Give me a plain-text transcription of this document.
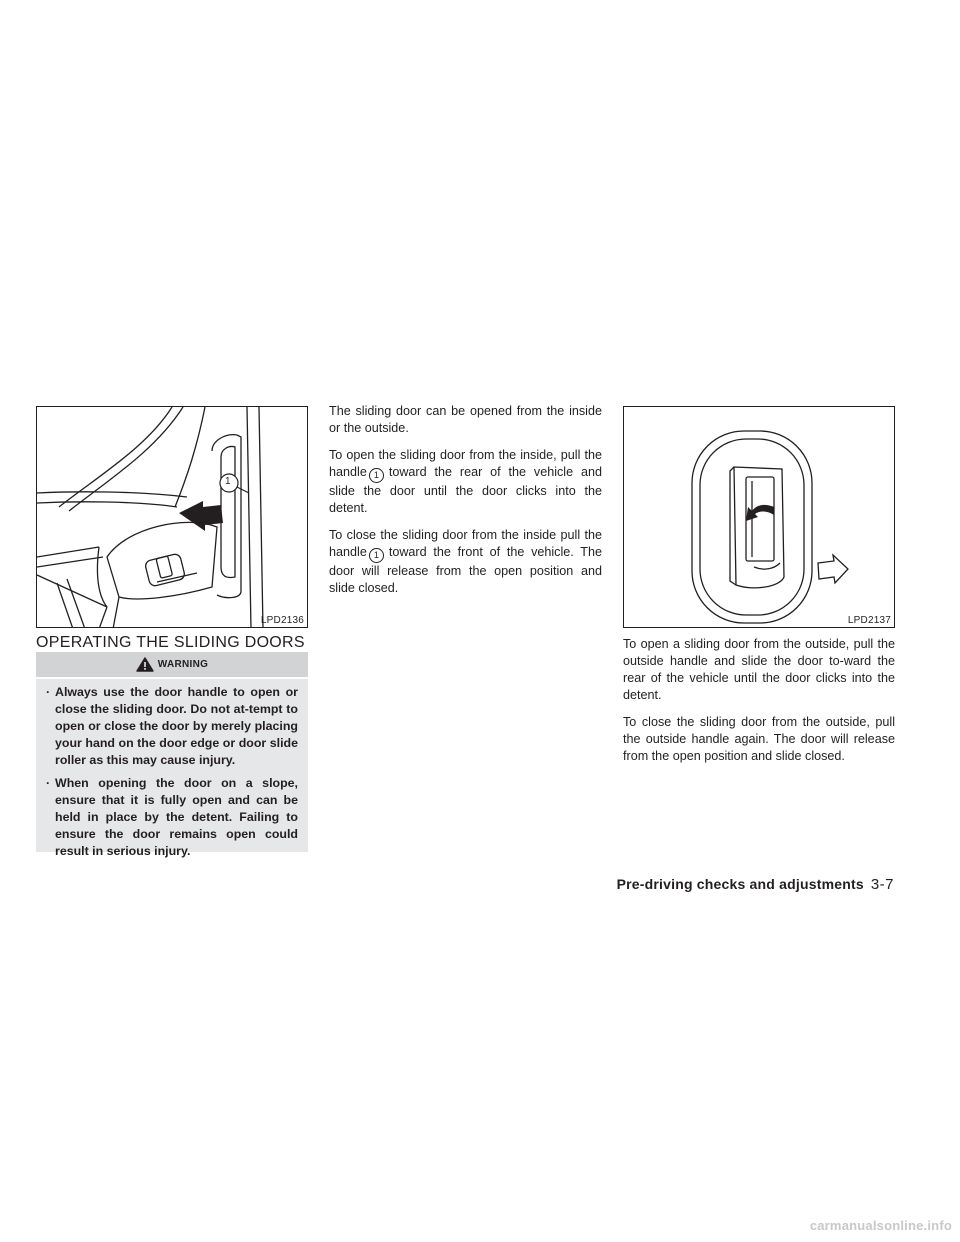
1
LPD2136	LPD2137
OPERATING THE SLIDING DOORS
WARNING
· Always use the door handle to open or close the sliding door. Do not at-tempt to open or close the door by merely placing your hand on the door edge or door slide roller as this may cause injury.
· When opening the door on a slope, ensure that it is fully open and can be held in place by the detent. Failing to ensure the door remains open could result in serious injury.

The sliding door can be opened from the inside or the outside.

To open the sliding door from the inside, pull the handle 1 toward the rear of the vehicle and slide the door until the door clicks into the detent.

To close the sliding door from the inside pull the handle 1 toward the front of the vehicle. The door will release from the open position and slide closed.

To open a sliding door from the outside, pull the outside handle and slide the door to-ward the rear of the vehicle until the door clicks into the detent.

To close the sliding door from the outside, pull the outside handle again. The door will release from the open position and slide closed.

Pre-driving checks and adjustments 3-7
carmanualsonline.info
